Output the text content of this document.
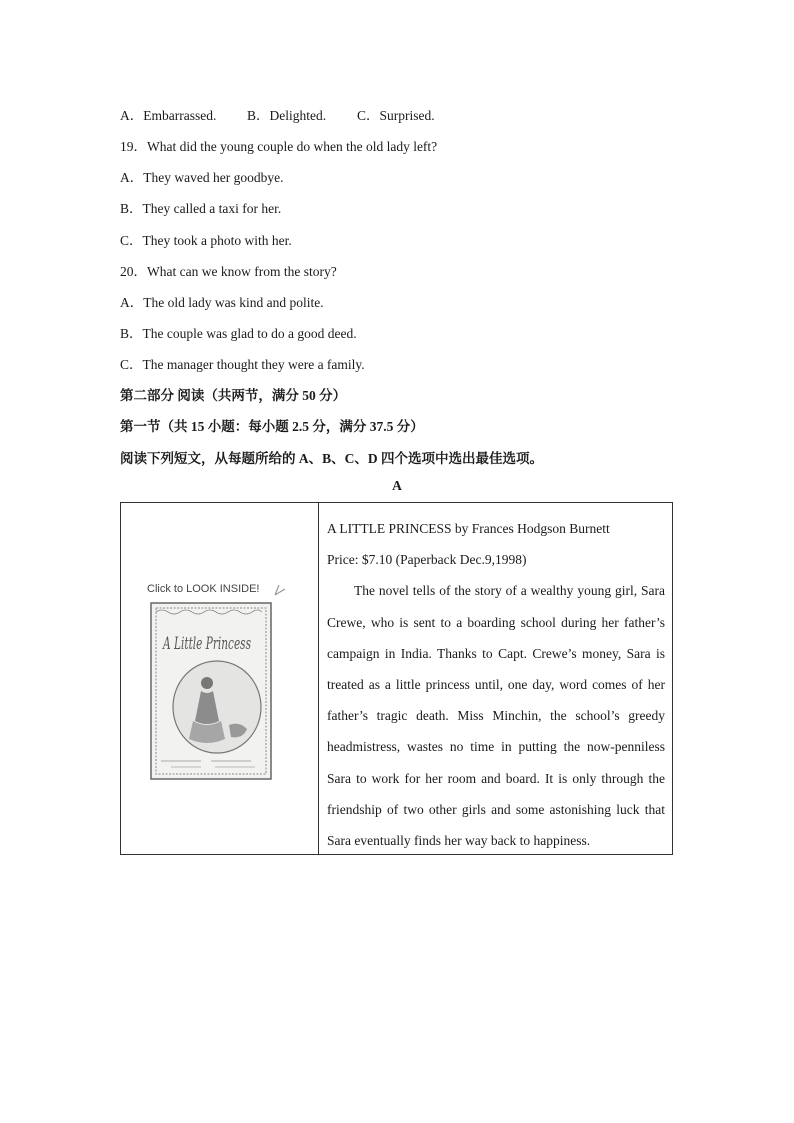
A．Embarrassed. B．Delighted. C．Surprised.
19．What did the young couple do when the old lady left?
A．They waved her goodbye.
B．They called a taxi for her.
C．They took a photo with her.
20．What can we know from the story?
A．The old lady was kind and polite.
B．The couple was glad to do a good deed.
C．The manager thought they were a family.
第二部分 阅读（共两节，满分 50 分）
第一节（共 15 小题：每小题 2.5 分，满分 37.5 分）
阅读下列短文，从每题所给的 A、B、C、D 四个选项中选出最佳选项。
A
Click to LOOK INSIDE!
A Little Princess

A LITTLE PRINCESS by Frances Hodgson Burnett

Price: $7.10 (Paperback Dec.9,1998)

The novel tells of the story of a wealthy young girl, Sara Crewe, who is sent to a boarding school during her father’s campaign in India. Thanks to Capt. Crewe’s money, Sara is treated as a little princess until, one day, word comes of her father’s tragic death. Miss Minchin, the school’s greedy headmistress, wastes no time in putting the now-penniless Sara to work for her room and board. It is only through the friendship of two other girls and some astonishing luck that Sara eventually finds her way back to happiness.
